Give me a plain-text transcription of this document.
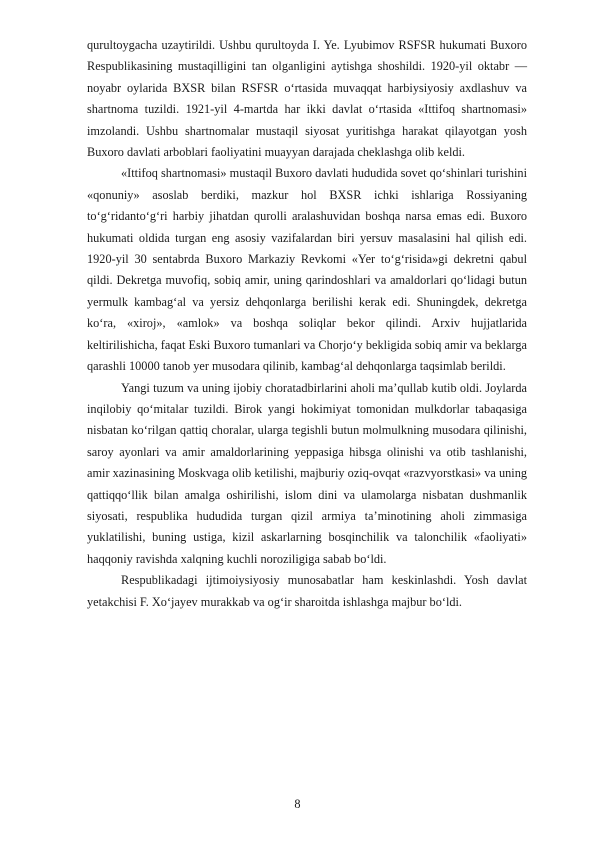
qurultoygacha uzaytirildi. Ushbu qurultoyda I. Ye. Lyubimov RSFSR hukumati Buxoro Respublikasining mustaqilligini tan olganligini aytishga shoshildi. 1920-yil oktabr —noyabr oylarida BXSR bilan RSFSR oʻrtasida muvaqqat harbiysiyosiy axdlashuv va shartnoma tuzildi. 1921-yil 4-martda har ikki davlat oʻrtasida «Ittifoq shartnomasi» imzolandi. Ushbu shartnomalar mustaqil siyosat yuritishga harakat qilayotgan yosh Buxoro davlati arboblari faoliyatini muayyan darajada cheklashga olib keldi.

«Ittifoq shartnomasi» mustaqil Buxoro davlati hududida sovet qoʻshinlari turishini «qonuniy» asoslab berdiki, mazkur hol BXSR ichki ishlariga Rossiyaning toʻgʻridantoʻgʻri harbiy jihatdan qurolli aralashuvidan boshqa narsa emas edi. Buxoro hukumati oldida turgan eng asosiy vazifalardan biri yersuv masalasini hal qilish edi. 1920-yil 30 sentabrda Buxoro Markaziy Revkomi «Yer toʻgʻrisida»gi dekretni qabul qildi. Dekretga muvofiq, sobiq amir, uning qarindoshlari va amaldorlari qoʻlidagi butun yermulk kambagʻal va yersiz dehqonlarga berilishi kerak edi. Shuningdek, dekretga koʻra, «xiroj», «amlok» va boshqa soliqlar bekor qilindi. Arxiv hujjatlarida keltirilishicha, faqat Eski Buxoro tumanlari va Chorjoʻy bekligida sobiq amir va beklarga qarashli 10000 tanob yer musodara qilinib, kambagʻal dehqonlarga taqsimlab berildi.

Yangi tuzum va uning ijobiy choratadbirlarini aholi maʼqullab kutib oldi. Joylarda inqilobiy qoʻmitalar tuzildi. Birok yangi hokimiyat tomonidan mulkdorlar tabaqasiga nisbatan koʻrilgan qattiq choralar, ularga tegishli butun molmulkning musodara qilinishi, saroy ayonlari va amir amaldorlarining yeppasiga hibsga olinishi va otib tashlanishi, amir xazinasining Moskvaga olib ketilishi, majburiy oziq-ovqat «razvyorstkasi» va uning qattiqqoʻllik bilan amalga oshirilishi, islom dini va ulamolarga nisbatan dushmanlik siyosati, respublika hududida turgan qizil armiya taʼminotining aholi zimmasiga yuklatilishi, buning ustiga, kizil askarlarning bosqinchilik va talonchilik «faoliyati» haqqoniy ravishda xalqning kuchli noroziligiga sabab boʻldi.

Respublikadagi ijtimoiysiyosiy munosabatlar ham keskinlashdi. Yosh davlat yetakchisi F. Xoʻjayev murakkab va ogʻir sharoitda ishlashga majbur boʻldi.

8
